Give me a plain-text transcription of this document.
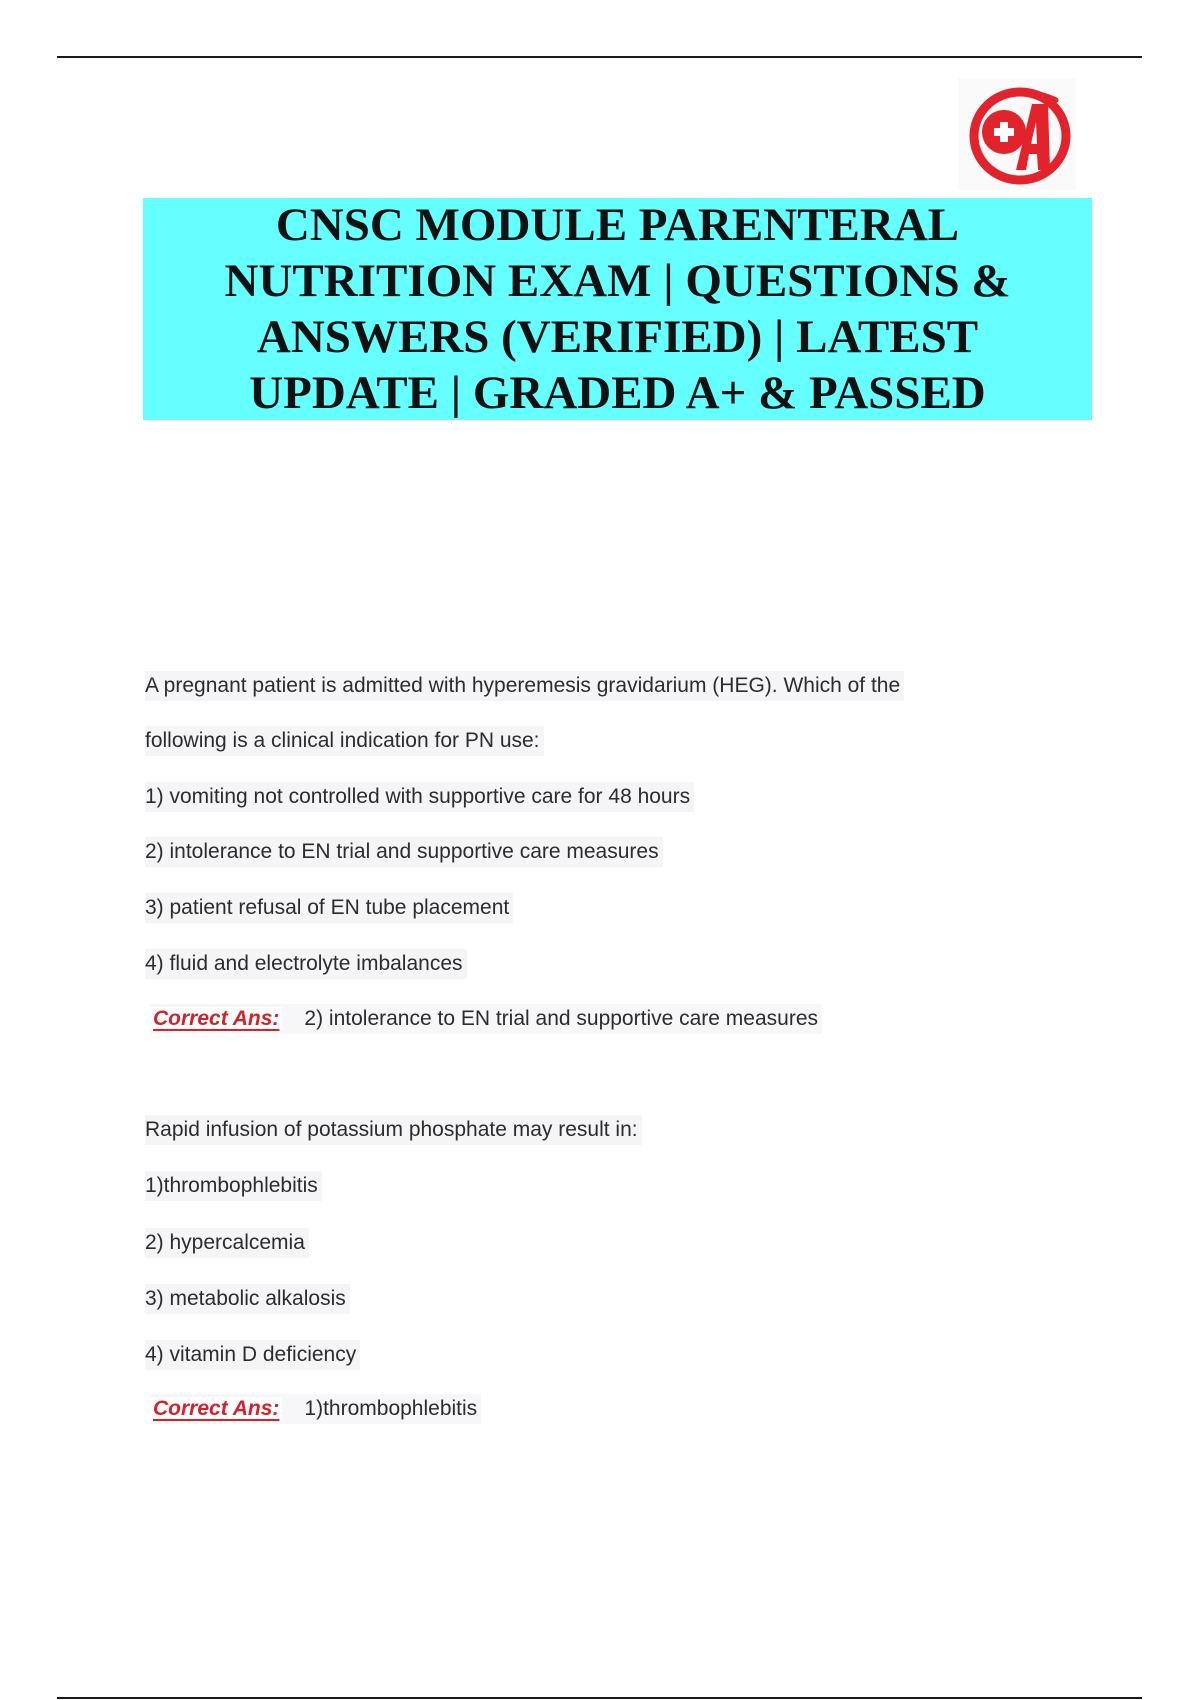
CNSC MODULE PARENTERAL
NUTRITION EXAM | QUESTIONS &
ANSWERS (VERIFIED) | LATEST
UPDATE | GRADED A+ & PASSED
A pregnant patient is admitted with hyperemesis gravidarium (HEG). Which of the
following is a clinical indication for PN use:
1) vomiting not controlled with supportive care for 48 hours
2) intolerance to EN trial and supportive care measures
3) patient refusal of EN tube placement
4) fluid and electrolyte imbalances
Correct Ans: 2) intolerance to EN trial and supportive care measures
Rapid infusion of potassium phosphate may result in:
1)thrombophlebitis
2) hypercalcemia
3) metabolic alkalosis
4) vitamin D deficiency
Correct Ans: 1)thrombophlebitis
